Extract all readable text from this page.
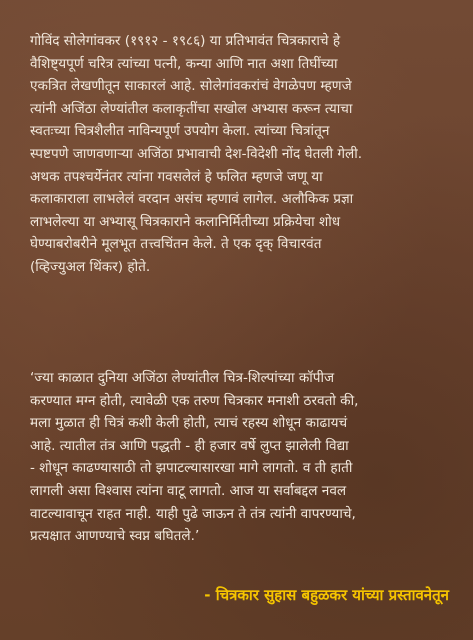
गोविंद सोलेगांवकर (१९१२ - १९८६) या प्रतिभावंत चित्रकाराचे हे
वैशिष्ट्यपूर्ण चरित्र त्यांच्या पत्नी, कन्या आणि नात अशा तिघींच्या
एकत्रित लेखणीतून साकारलं आहे. सोलेगांवकरांचं वेगळेपण म्हणजे
त्यांनी अजिंठा लेण्यांतील कलाकृतींचा सखोल अभ्यास करून त्याचा
स्वतःच्या चित्रशैलीत नाविन्यपूर्ण उपयोग केला. त्यांच्या चित्रांतून
स्पष्टपणे जाणवणाऱ्या अजिंठा प्रभावाची देश-विदेशी नोंद घेतली गेली.
अथक तपश्चर्येनंतर त्यांना गवसलेलं हे फलित म्हणजे जणू या
कलाकाराला लाभलेलं वरदान असंच म्हणावं लागेल. अलौकिक प्रज्ञा
लाभलेल्या या अभ्यासू चित्रकाराने कलानिर्मितीच्या प्रक्रियेचा शोध
घेण्याबरोबरीने मूलभूत तत्त्वचिंतन केले. ते एक दृक् विचारवंत
(व्हिज्युअल थिंकर) होते.

‘ज्या काळात दुनिया अजिंठा लेण्यांतील चित्र-शिल्पांच्या कॉपीज
करण्यात मग्न होती, त्यावेळी एक तरुण चित्रकार मनाशी ठरवतो की,
मला मुळात ही चित्रं कशी केली होती, त्याचं रहस्य शोधून काढायचं
आहे. त्यातील तंत्र आणि पद्धती - ही हजार वर्षे लुप्त झालेली विद्या
- शोधून काढण्यासाठी तो झपाटल्यासारखा मागे लागतो. व ती हाती
लागली असा विश्वास त्यांना वाटू लागतो. आज या सर्वाबद्दल नवल
वाटल्यावाचून राहत नाही. याही पुढे जाऊन ते तंत्र त्यांनी वापरण्याचे,
प्रत्यक्षात आणण्याचे स्वप्न बघितले.’

- चित्रकार सुहास बहुळकर यांच्या प्रस्तावनेतून
